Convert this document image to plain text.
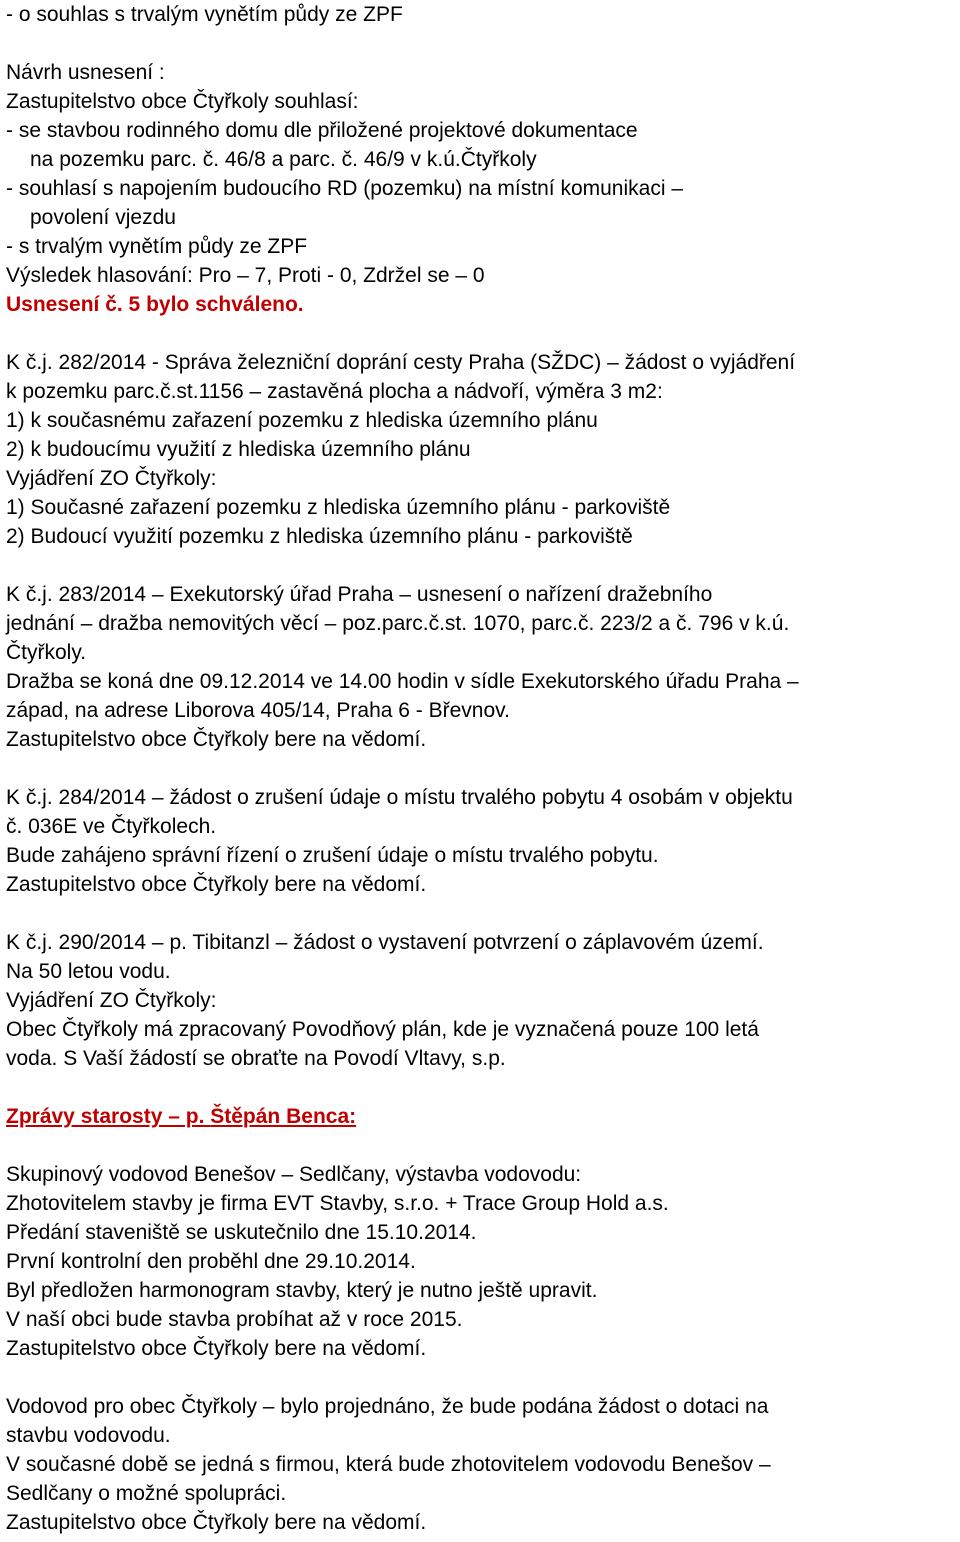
- o souhlas s trvalým vynětím půdy ze ZPF
Návrh usnesení :
Zastupitelstvo obce Čtyřkoly souhlasí:
- se stavbou rodinného domu dle přiložené projektové dokumentace
na pozemku parc. č. 46/8 a parc. č. 46/9 v k.ú.Čtyřkoly
- souhlasí s napojením budoucího RD (pozemku) na místní komunikaci –
povolení vjezdu
- s trvalým vynětím půdy ze ZPF
Výsledek hlasování: Pro – 7, Proti - 0, Zdržel se – 0
Usnesení č. 5 bylo schváleno.
K č.j. 282/2014 - Správa železniční doprání cesty Praha (SŽDC) – žádost o vyjádření
k pozemku parc.č.st.1156 – zastavěná plocha a nádvoří, výměra 3 m2:
1) k současnému zařazení pozemku z hlediska územního plánu
2) k budoucímu využití z hlediska územního plánu
Vyjádření ZO Čtyřkoly:
1) Současné zařazení pozemku z hlediska územního plánu - parkoviště
2) Budoucí využití pozemku z hlediska územního plánu - parkoviště
K č.j. 283/2014 – Exekutorský úřad Praha – usnesení o nařízení dražebního
jednání – dražba nemovitých věcí – poz.parc.č.st. 1070, parc.č. 223/2 a č. 796 v k.ú.
Čtyřkoly.
Dražba se koná dne 09.12.2014 ve 14.00 hodin v sídle Exekutorského úřadu Praha –
západ, na adrese Liborova 405/14, Praha 6 - Břevnov.
Zastupitelstvo obce Čtyřkoly bere na vědomí.
K č.j. 284/2014 – žádost o zrušení údaje o místu trvalého pobytu 4 osobám v objektu
č. 036E ve Čtyřkolech.
Bude zahájeno správní řízení o zrušení údaje o místu trvalého pobytu.
Zastupitelstvo obce Čtyřkoly bere na vědomí.
K č.j. 290/2014 – p. Tibitanzl – žádost o vystavení potvrzení o záplavovém území.
Na 50 letou vodu.
Vyjádření ZO Čtyřkoly:
Obec Čtyřkoly má zpracovaný Povodňový plán, kde je vyznačená pouze 100 letá
voda. S Vaší žádostí se obraťte na Povodí Vltavy, s.p.
Zprávy starosty – p. Štěpán Benca:
Skupinový vodovod Benešov – Sedlčany, výstavba vodovodu:
Zhotovitelem stavby je firma EVT Stavby, s.r.o. + Trace Group Hold a.s.
Předání staveniště se uskutečnilo dne 15.10.2014.
První kontrolní den proběhl dne 29.10.2014.
Byl předložen harmonogram stavby, který je nutno ještě upravit.
V naší obci bude stavba probíhat až v roce 2015.
Zastupitelstvo obce Čtyřkoly bere na vědomí.
Vodovod pro obec Čtyřkoly – bylo projednáno, že bude podána žádost o dotaci na
stavbu vodovodu.
V současné době se jedná s firmou, která bude zhotovitelem vodovodu Benešov –
Sedlčany o možné spolupráci.
Zastupitelstvo obce Čtyřkoly bere na vědomí.
